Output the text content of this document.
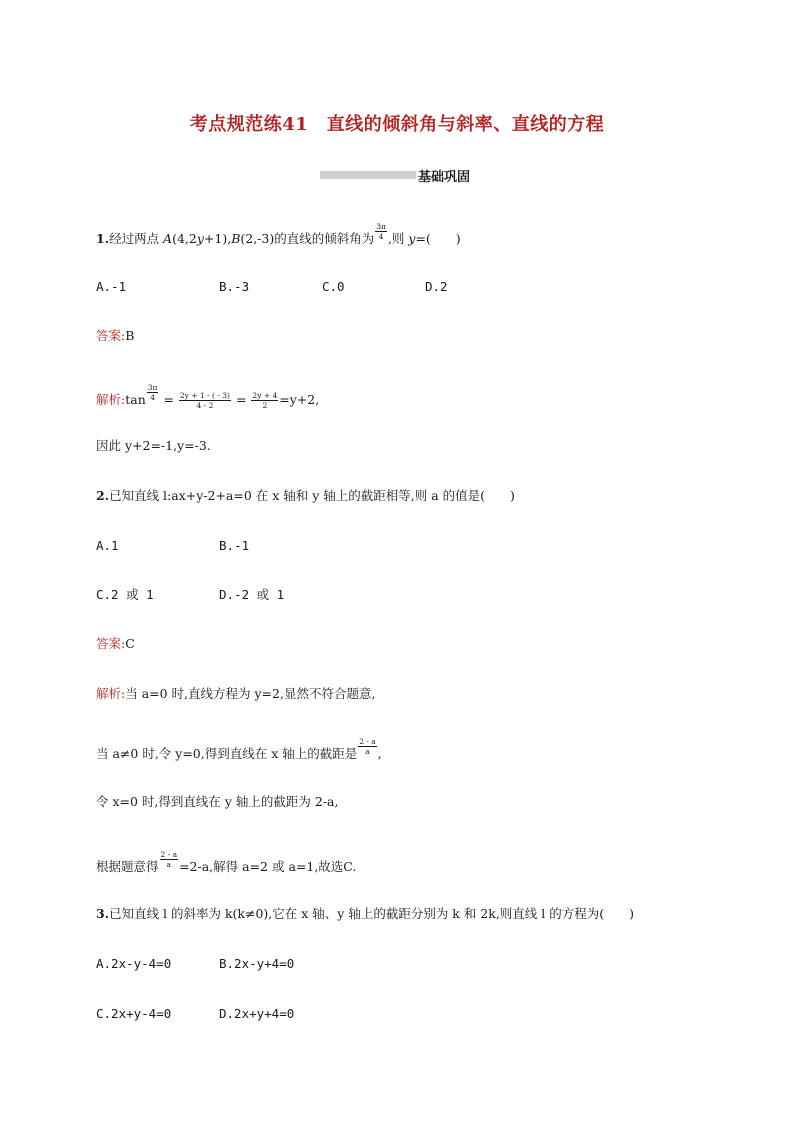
考点规范练41　直线的倾斜角与斜率、直线的方程
基础巩固
1.经过两点 A(4,2y+1),B(2,-3)的直线的倾斜角为 $\frac{3\pi}{4}$ ,则 y=(　　)
A.-1	B.-3	C.0	D.2
答案:B
解析:tan $\frac{3\pi}{4} = \frac{2y + 1 - ( - 3)}{4 - 2} = \frac{2y + 4}{2} =y+2$,
因此 y+2=-1,y=-3.
2.已知直线 l:ax+y-2+a=0 在 x 轴和 y 轴上的截距相等,则 a 的值是(　　)
A.1	B.-1
C.2 或 1	D.-2 或 1
答案:C
解析:当 a=0 时,直线方程为 y=2,显然不符合题意,
当 a≠0 时,令 y=0,得到直线在 x 轴上的截距是 $\frac{2 - a}{a}$ ,
令 x=0 时,得到直线在 y 轴上的截距为 2-a,
根据题意得 $\frac{2 - a}{a} =2-a$,解得 a=2 或 a=1,故选C.
3.已知直线 l 的斜率为 k(k≠0),它在 x 轴、y 轴上的截距分别为 k 和 2k,则直线 l 的方程为(　　)
A.2x-y-4=0	B.2x-y+4=0
C.2x+y-4=0	D.2x+y+4=0
